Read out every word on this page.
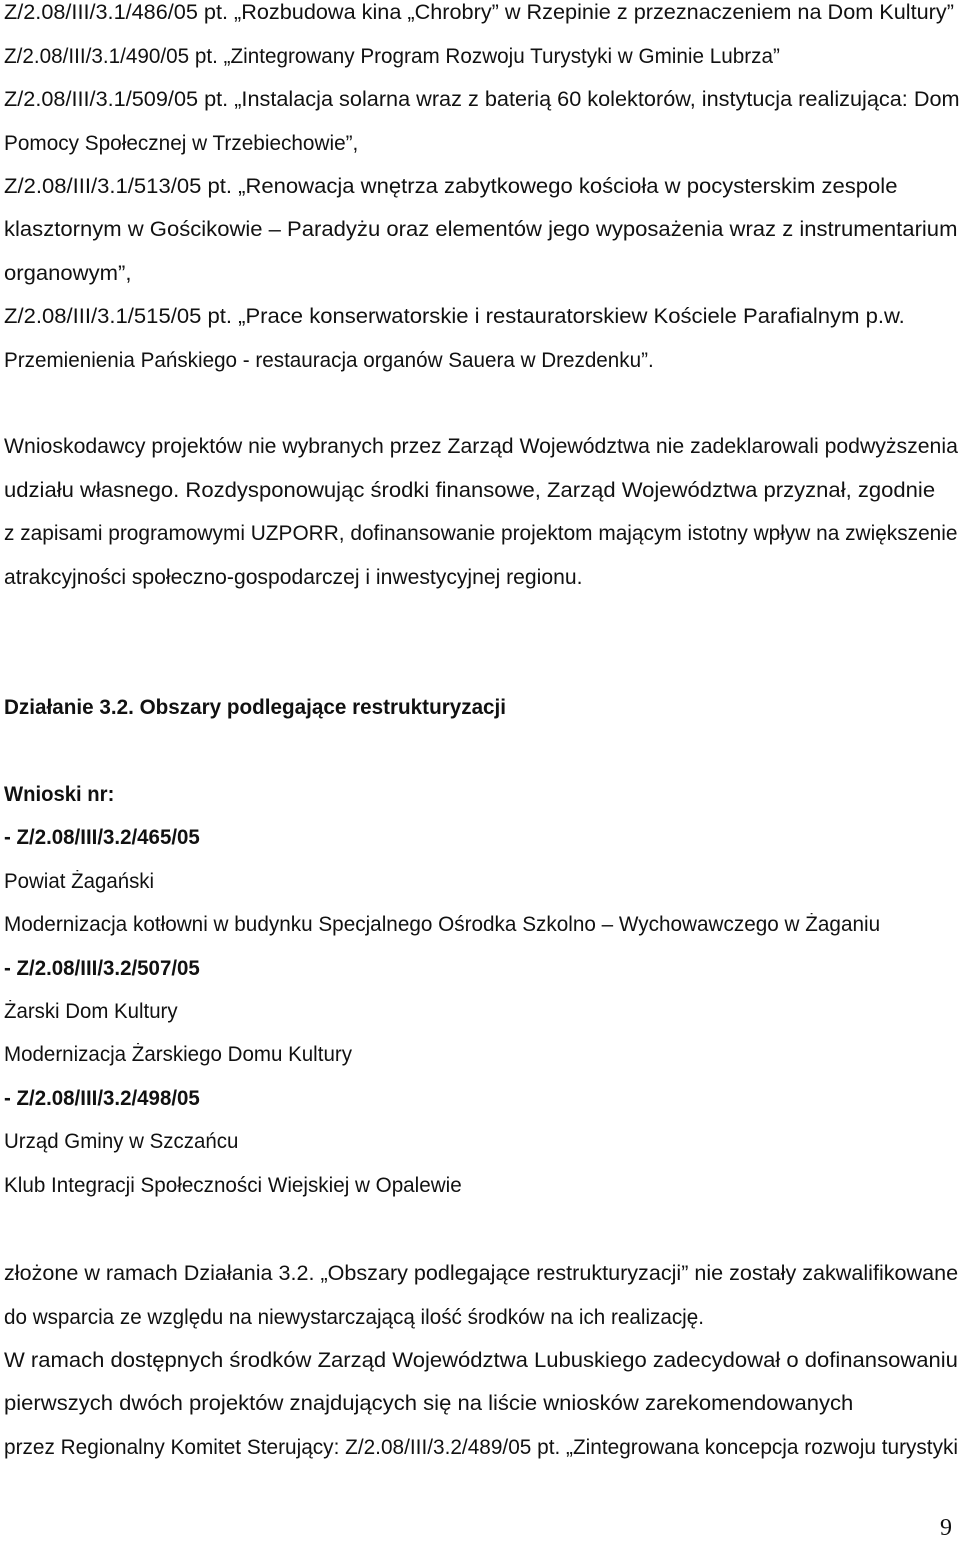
Z/2.08/III/3.1/486/05 pt. „Rozbudowa kina „Chrobry” w Rzepinie z przeznaczeniem na Dom Kultury”
Z/2.08/III/3.1/490/05 pt. „Zintegrowany Program Rozwoju Turystyki w Gminie Lubrza”
Z/2.08/III/3.1/509/05 pt. „Instalacja solarna wraz z baterią 60 kolektorów, instytucja realizująca: Dom
Pomocy Społecznej w Trzebiechowie”,
Z/2.08/III/3.1/513/05 pt. „Renowacja wnętrza zabytkowego kościoła w pocysterskim zespole
klasztornym w Gościkowie – Paradyżu oraz elementów jego wyposażenia wraz z instrumentarium
organowym”,
Z/2.08/III/3.1/515/05 pt. „Prace konserwatorskie i restauratorskiew Kościele Parafialnym p.w.
Przemienienia Pańskiego - restauracja organów Sauera w Drezdenku”.
Wnioskodawcy projektów nie wybranych przez Zarząd Województwa nie zadeklarowali podwyższenia
udziału własnego. Rozdysponowując środki finansowe, Zarząd Województwa przyznał, zgodnie
z zapisami programowymi UZPORR, dofinansowanie projektom mającym istotny wpływ na zwiększenie
atrakcyjności społeczno-gospodarczej i inwestycyjnej regionu.
Działanie 3.2. Obszary podlegające restrukturyzacji
Wnioski nr:
- Z/2.08/III/3.2/465/05
Powiat Żagański
Modernizacja kotłowni w budynku Specjalnego Ośrodka Szkolno – Wychowawczego w Żaganiu
- Z/2.08/III/3.2/507/05
Żarski Dom Kultury
Modernizacja Żarskiego Domu Kultury
- Z/2.08/III/3.2/498/05
Urząd Gminy w Szczańcu
Klub Integracji Społeczności Wiejskiej w Opalewie
złożone w ramach Działania 3.2. „Obszary podlegające restrukturyzacji” nie zostały zakwalifikowane
do wsparcia ze względu na niewystarczającą ilość środków na ich realizację.
W ramach dostępnych środków Zarząd Województwa Lubuskiego zadecydował o dofinansowaniu
pierwszych dwóch projektów znajdujących się na liście wniosków zarekomendowanych
przez Regionalny Komitet Sterujący: Z/2.08/III/3.2/489/05 pt. „Zintegrowana koncepcja rozwoju turystyki
9
